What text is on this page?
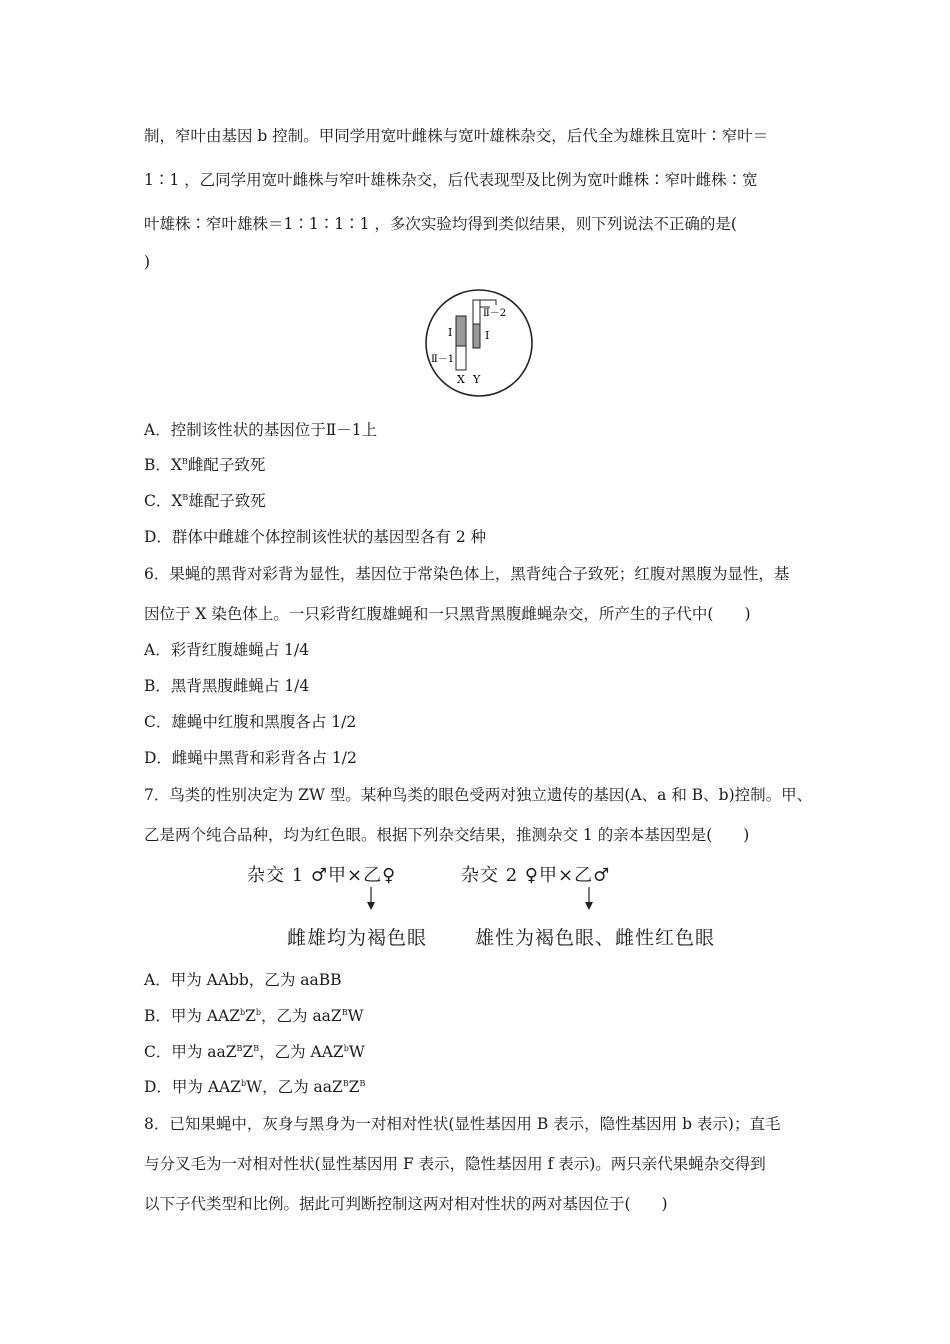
制，窄叶由基因 b 控制。甲同学用宽叶雌株与宽叶雄株杂交，后代全为雄株且宽叶∶窄叶＝
1∶1 ，乙同学用宽叶雌株与窄叶雄株杂交，后代表现型及比例为宽叶雌株∶窄叶雌株∶宽
叶雄株∶窄叶雄株＝1∶1∶1∶1 ，多次实验均得到类似结果，则下列说法不正确的是(
)
Ⅱ－2
Ⅰ	Ⅰ
Ⅱ－1
X Y
A．控制该性状的基因位于Ⅱ－1上
B．$X^B$雌配子致死
C．$X^B$雄配子致死
D．群体中雌雄个体控制该性状的基因型各有 2 种
6．果蝇的黑背对彩背为显性，基因位于常染色体上，黑背纯合子致死；红腹对黑腹为显性，基
因位于 X 染色体上。一只彩背红腹雄蝇和一只黑背黑腹雌蝇杂交，所产生的子代中(　　)
A．彩背红腹雄蝇占 1/4
B．黑背黑腹雌蝇占 1/4
C．雄蝇中红腹和黑腹各占 1/2
D．雌蝇中黑背和彩背各占 1/2
7．鸟类的性别决定为 ZW 型。某种鸟类的眼色受两对独立遗传的基因(A、a 和 B、b)控制。甲、
乙是两个纯合品种，均为红色眼。根据下列杂交结果，推测杂交 1 的亲本基因型是(　　)
杂交 1 ♂甲×乙♀	杂交 2 ♀甲×乙♂
雌雄均为褐色眼	雄性为褐色眼、雌性红色眼
A．甲为 AAbb，乙为 aaBB
B．甲为 $AAZ^bZ^b$，乙为 aaZ$^B$W
C．甲为 $aaZ^BZ^B$，乙为 AAZ$^b$W
D．甲为 AAZ$^b$W，乙为 $aaZ^BZ^B$
8．已知果蝇中，灰身与黑身为一对相对性状(显性基因用 B 表示，隐性基因用 b 表示)；直毛
与分叉毛为一对相对性状(显性基因用 F 表示，隐性基因用 f 表示)。两只亲代果蝇杂交得到
以下子代类型和比例。据此可判断控制这两对相对性状的两对基因位于(　　)
